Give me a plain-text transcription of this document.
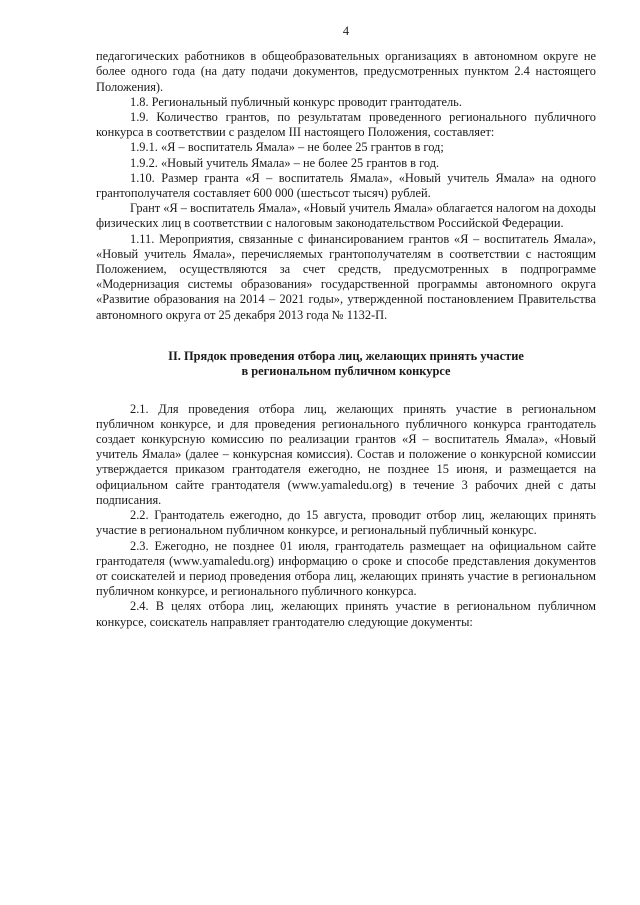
4

педагогических работников в общеобразовательных организациях в автономном округе не более одного года (на дату подачи документов, предусмотренных пунктом 2.4 настоящего Положения).

1.8. Региональный публичный конкурс проводит грантодатель.

1.9. Количество грантов, по результатам проведенного регионального публичного конкурса в соответствии с разделом III настоящего Положения, составляет:

1.9.1. «Я – воспитатель Ямала» – не более 25 грантов в год;

1.9.2. «Новый учитель Ямала» – не более 25 грантов в год.

1.10. Размер гранта «Я – воспитатель Ямала», «Новый учитель Ямала» на одного грантополучателя составляет 600 000 (шестьсот тысяч) рублей.

Грант «Я – воспитатель Ямала», «Новый учитель Ямала» облагается налогом на доходы физических лиц в соответствии с налоговым законодательством Российской Федерации.

1.11. Мероприятия, связанные с финансированием грантов «Я – воспитатель Ямала», «Новый учитель Ямала», перечисляемых грантополучателям в соответствии с настоящим Положением, осуществляются за счет средств, предусмотренных в подпрограмме «Модернизация системы образования» государственной программы автономного округа «Развитие образования на 2014 – 2021 годы», утвержденной постановлением Правительства автономного округа от 25 декабря 2013 года № 1132-П.

II. Прядок проведения отбора лиц, желающих принять участие
в региональном публичном конкурсе

2.1. Для проведения отбора лиц, желающих принять участие в региональном публичном конкурсе, и для проведения регионального публичного конкурса грантодатель создает конкурсную комиссию по реализации грантов «Я – воспитатель Ямала», «Новый учитель Ямала» (далее – конкурсная комиссия). Состав и положение о конкурсной комиссии утверждается приказом грантодателя ежегодно, не позднее 15 июня, и размещается на официальном сайте грантодателя (www.yamaledu.org) в течение 3 рабочих дней с даты подписания.

2.2. Грантодатель ежегодно, до 15 августа, проводит отбор лиц, желающих принять участие в региональном публичном конкурсе, и региональный публичный конкурс.

2.3. Ежегодно, не позднее 01 июля, грантодатель размещает на официальном сайте грантодателя (www.yamaledu.org) информацию о сроке и способе представления документов от соискателей и период проведения отбора лиц, желающих принять участие в региональном публичном конкурсе, и регионального публичного конкурса.

2.4. В целях отбора лиц, желающих принять участие в региональном публичном конкурсе, соискатель направляет грантодателю следующие документы:
